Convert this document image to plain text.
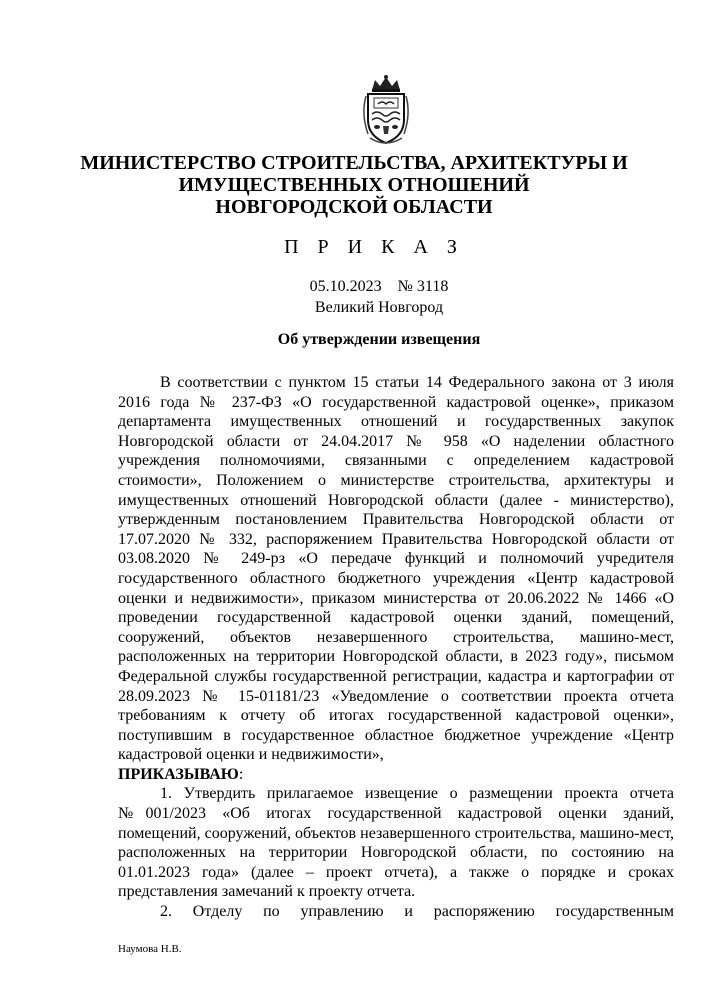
МИНИСТЕРСТВО СТРОИТЕЛЬСТВА, АРХИТЕКТУРЫ И
ИМУЩЕСТВЕННЫХ ОТНОШЕНИЙ
НОВГОРОДСКОЙ ОБЛАСТИ
П Р И К А З
05.10.2023 № 3118
Великий Новгород
Об утверждении извещения

В соответствии с пунктом 15 статьи 14 Федерального закона от 3 июля 2016 года № 237-ФЗ «О государственной кадастровой оценке», приказом департамента имущественных отношений и государственных закупок Новгородской области от 24.04.2017 № 958 «О наделении областного учреждения полномочиями, связанными с определением кадастровой стоимости», Положением о министерстве строительства, архитектуры и имущественных отношений Новгородской области (далее - министерство), утвержденным постановлением Правительства Новгородской области от 17.07.2020 № 332, распоряжением Правительства Новгородской области от 03.08.2020 № 249-рз «О передаче функций и полномочий учредителя государственного областного бюджетного учреждения «Центр кадастровой оценки и недвижимости», приказом министерства от 20.06.2022 № 1466 «О проведении государственной кадастровой оценки зданий, помещений, сооружений, объектов незавершенного строительства, машино-мест, расположенных на территории Новгородской области, в 2023 году», письмом Федеральной службы государственной регистрации, кадастра и картографии от 28.09.2023 № 15-01181/23 «Уведомление о соответствии проекта отчета требованиям к отчету об итогах государственной кадастровой оценки», поступившим в государственное областное бюджетное учреждение «Центр кадастровой оценки и недвижимости»,

ПРИКАЗЫВАЮ:

1. Утвердить прилагаемое извещение о размещении проекта отчета №001/2023 «Об итогах государственной кадастровой оценки зданий, помещений, сооружений, объектов незавершенного строительства, машино-мест, расположенных на территории Новгородской области, по состоянию на 01.01.2023 года» (далее – проект отчета), а также о порядке и сроках представления замечаний к проекту отчета.

2. Отделу по управлению и распоряжению государственным

Наумова Н.В.
